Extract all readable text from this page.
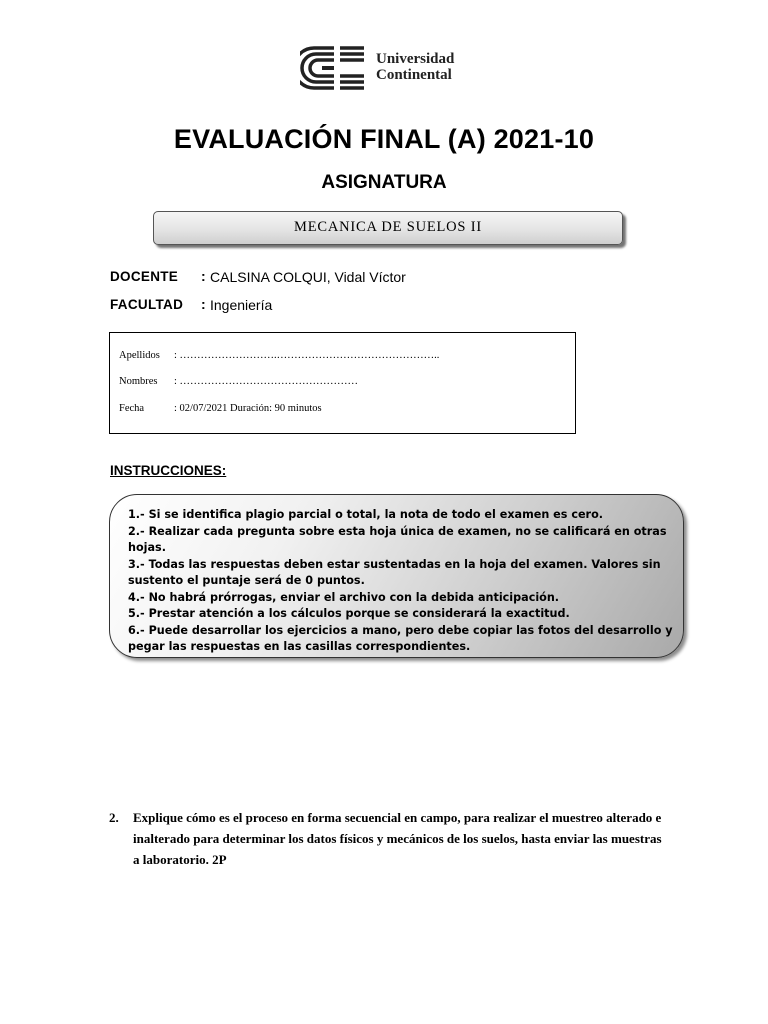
Universidad
Continental
EVALUACIÓN FINAL (A) 2021-10
ASIGNATURA
MECANICA DE SUELOS II
DOCENTE : CALSINA COLQUI, Vidal Víctor
FACULTAD : Ingeniería
Apellidos : ……………………….………………………………………..
Nombres : ……………………………………………
Fecha	: 02/07/2021 Duración: 90 minutos
INSTRUCCIONES:
1.- Si se identifica plagio parcial o total, la nota de todo el examen es cero.
2.- Realizar cada pregunta sobre esta hoja única de examen, no se calificará en otras hojas.
3.- Todas las respuestas deben estar sustentadas en la hoja del examen. Valores sin sustento el puntaje será de 0 puntos.
4.- No habrá prórrogas, enviar el archivo con la debida anticipación.
5.- Prestar atención a los cálculos porque se considerará la exactitud.
6.- Puede desarrollar los ejercicios a mano, pero debe copiar las fotos del desarrollo y pegar las respuestas en las casillas correspondientes.
2. Explique cómo es el proceso en forma secuencial en campo, para realizar el muestreo alterado e inalterado para determinar los datos físicos y mecánicos de los suelos, hasta enviar las muestras a laboratorio. 2P
